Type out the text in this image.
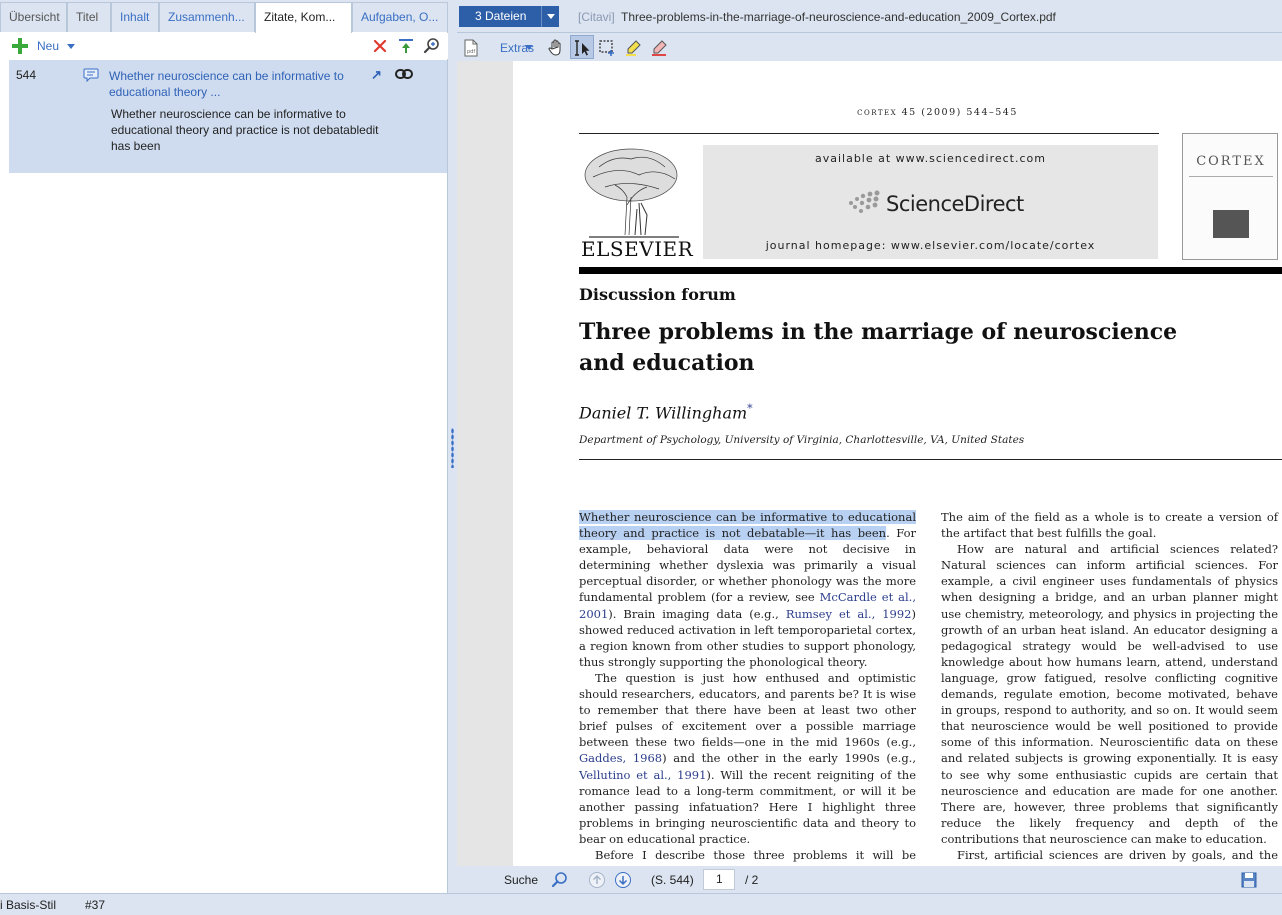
Übersicht	Titel	Inhalt	Zusammenh...	Zitate, Kom...	Aufgaben, O...
Neu
544	Whether neuroscience can be informative to educational theory ...
↗
Whether neuroscience can be informative to educational theory and practice is not debatabledit has been
3 Dateien	[Citavi] Three-problems-in-the-marriage-of-neuroscience-and-education_2009_Cortex.pdf
pdf Extras
cortex 45 (2009) 544–545
ELSEVIER
available at www.sciencedirect.com
ScienceDirect
journal homepage: www.elsevier.com/locate/cortex
CORTEX
Discussion forum
Three problems in the marriage of neuroscience and education
Daniel T. Willingham*
Department of Psychology, University of Virginia, Charlottesville, VA, United States

Whether neuroscience can be informative to educational theory and practice is not debatable—it has been. For example, behavioral data were not decisive in determining whether dyslexia was primarily a visual perceptual disorder, or whether phonology was the more fundamental problem (for a review, see McCardle et al., 2001). Brain imaging data (e.g., Rumsey et al., 1992) showed reduced activation in left temporoparietal cortex, a region known from other studies to support phonology, thus strongly supporting the phonological theory.

The question is just how enthused and optimistic should researchers, educators, and parents be? It is wise to remember that there have been at least two other brief pulses of excitement over a possible marriage between these two fields—one in the mid 1960s (e.g., Gaddes, 1968) and the other in the early 1990s (e.g., Vellutino et al., 1991). Will the recent reigniting of the romance lead to a long-term commitment, or will it be another passing infatuation? Here I highlight three problems in bringing neuroscientific data and theory to bear on educational practice.

Before I describe those three problems it will be

The aim of the field as a whole is to create a version of the artifact that best fulfills the goal.

How are natural and artificial sciences related? Natural sciences can inform artificial sciences. For example, a civil engineer uses fundamentals of physics when designing a bridge, and an urban planner might use chemistry, meteorology, and physics in projecting the growth of an urban heat island. An educator designing a pedagogical strategy would be well-advised to use knowledge about how humans learn, attend, understand language, grow fatigued, resolve conflicting cognitive demands, regulate emotion, become motivated, behave in groups, respond to authority, and so on. It would seem that neuroscience would be well positioned to provide some of this information. Neuroscientific data on these and related subjects is growing exponentially. It is easy to see why some enthusiastic cupids are certain that neuroscience and education are made for one another. There are, however, three problems that significantly reduce the likely frequency and depth of the contributions that neuroscience can make to education.

First, artificial sciences are driven by goals, and the

Suche	(S. 544)	1	/ 2
i Basis-Stil #37
